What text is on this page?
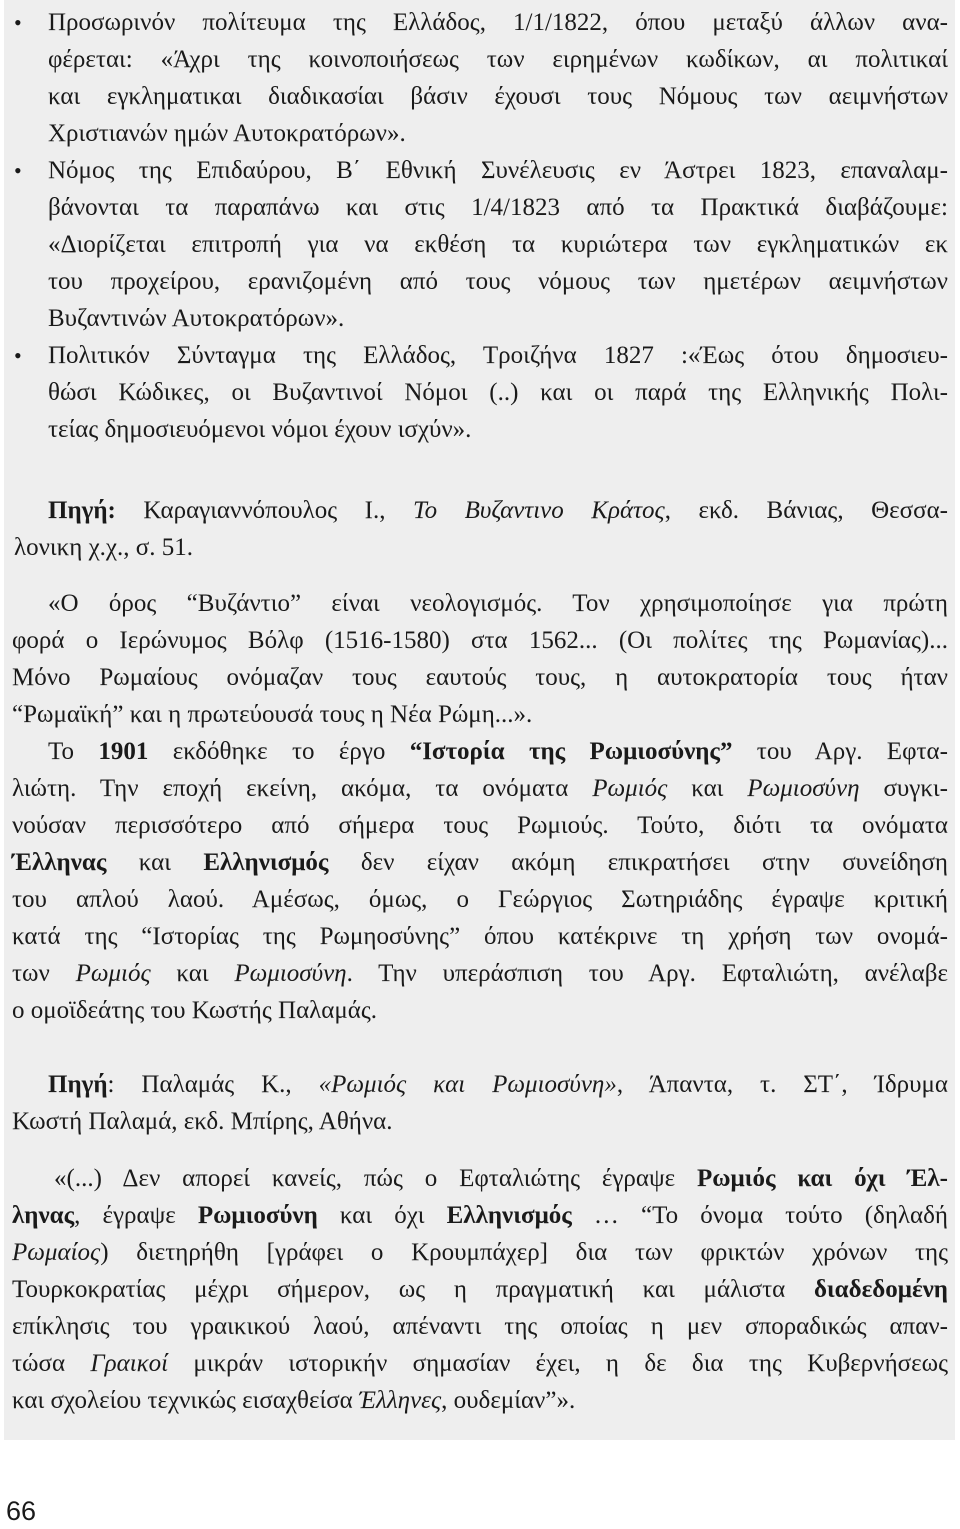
• Προσωρινόν πολίτευμα της Ελλάδος, 1/1/1822, όπου μεταξύ άλλων ανα-
φέρεται: «Άχρι της κοινοποιήσεως των ειρημένων κωδίκων, αι πολιτικαί
και εγκληματικαι διαδικασίαι βάσιν έχουσι τους Νόμους των αειμνήστων
Χριστιανών ημών Αυτοκρατόρων».
• Νόμος της Επιδαύρου, Β΄ Εθνική Συνέλευσις εν Άστρει 1823, επαναλαμ-
βάνονται τα παραπάνω και στις 1/4/1823 από τα Πρακτικά διαβάζουμε:
«Διορίζεται επιτροπή για να εκθέση τα κυριώτερα των εγκληματικών εκ
του προχείρου, ερανιζομένη από τους νόμους των ημετέρων αειμνήστων
Βυζαντινών Αυτοκρατόρων».
• Πολιτικόν Σύνταγμα της Ελλάδος, Τροιζήνα 1827 :«Έως ότου δημοσιευ-
θώσι Κώδικες, οι Βυζαντινοί Νόμοι (..) και οι παρά της Ελληνικής Πολι-
τείας δημοσιευόμενοι νόμοι έχουν ισχύν».
Πηγή: Καραγιαννόπουλος Ι., Το Βυζαντινο Κράτος, εκδ. Βάνιας, Θεσσα-
λονικη χ.χ., σ. 51.
«Ο όρος “Βυζάντιο” είναι νεολογισμός. Τον χρησιμοποίησε για πρώτη
φορά ο Ιερώνυμος Βόλφ (1516-1580) στα 1562... (Οι πολίτες της Ρωμανίας)...
Μόνο Ρωμαίους ονόμαζαν τους εαυτούς τους, η αυτοκρατορία τους ήταν
“Ρωμαϊκή” και η πρωτεύουσά τους η Νέα Ρώμη...».
Το 1901 εκδόθηκε το έργο “Ιστορία της Ρωμιοσύνης” του Αργ. Εφτα-
λιώτη. Την εποχή εκείνη, ακόμα, τα ονόματα Ρωμιός και Ρωμιοσύνη συγκι-
νούσαν περισσότερο από σήμερα τους Ρωμιούς. Τούτο, διότι τα ονόματα
Έλληνας και Ελληνισμός δεν είχαν ακόμη επικρατήσει στην συνείδηση
του απλού λαού. Αμέσως, όμως, ο Γεώργιος Σωτηριάδης έγραψε κριτική
κατά της “Ιστορίας της Ρωμηοσύνης” όπου κατέκρινε τη χρήση των ονομά-
των Ρωμιός και Ρωμιοσύνη. Την υπεράσπιση του Αργ. Εφταλιώτη, ανέλαβε
ο ομοϊδεάτης του Κωστής Παλαμάς.
Πηγή: Παλαμάς Κ., «Ρωμιός και Ρωμιοσύνη», Άπαντα, τ. ΣΤ΄, Ίδρυμα
Κωστή Παλαμά, εκδ. Μπίρης, Αθήνα.
«(...) Δεν απορεί κανείς, πώς ο Εφταλιώτης έγραψε Ρωμιός και όχι Έλ-
ληνας, έγραψε Ρωμιοσύνη και όχι Ελληνισμός … “Το όνομα τούτο (δηλαδή
Ρωμαίος) διετηρήθη [γράφει ο Κρουμπάχερ] δια των φρικτών χρόνων της
Τουρκοκρατίας μέχρι σήμερον, ως η πραγματική και μάλιστα διαδεδομένη
επίκλησις του γραικικού λαού, απέναντι της οποίας η μεν σποραδικώς απαν-
τώσα Γραικοί μικράν ιστορικήν σημασίαν έχει, η δε δια της Κυβερνήσεως
και σχολείου τεχνικώς εισαχθείσα Έλληνες, ουδεμίαν”».
66
